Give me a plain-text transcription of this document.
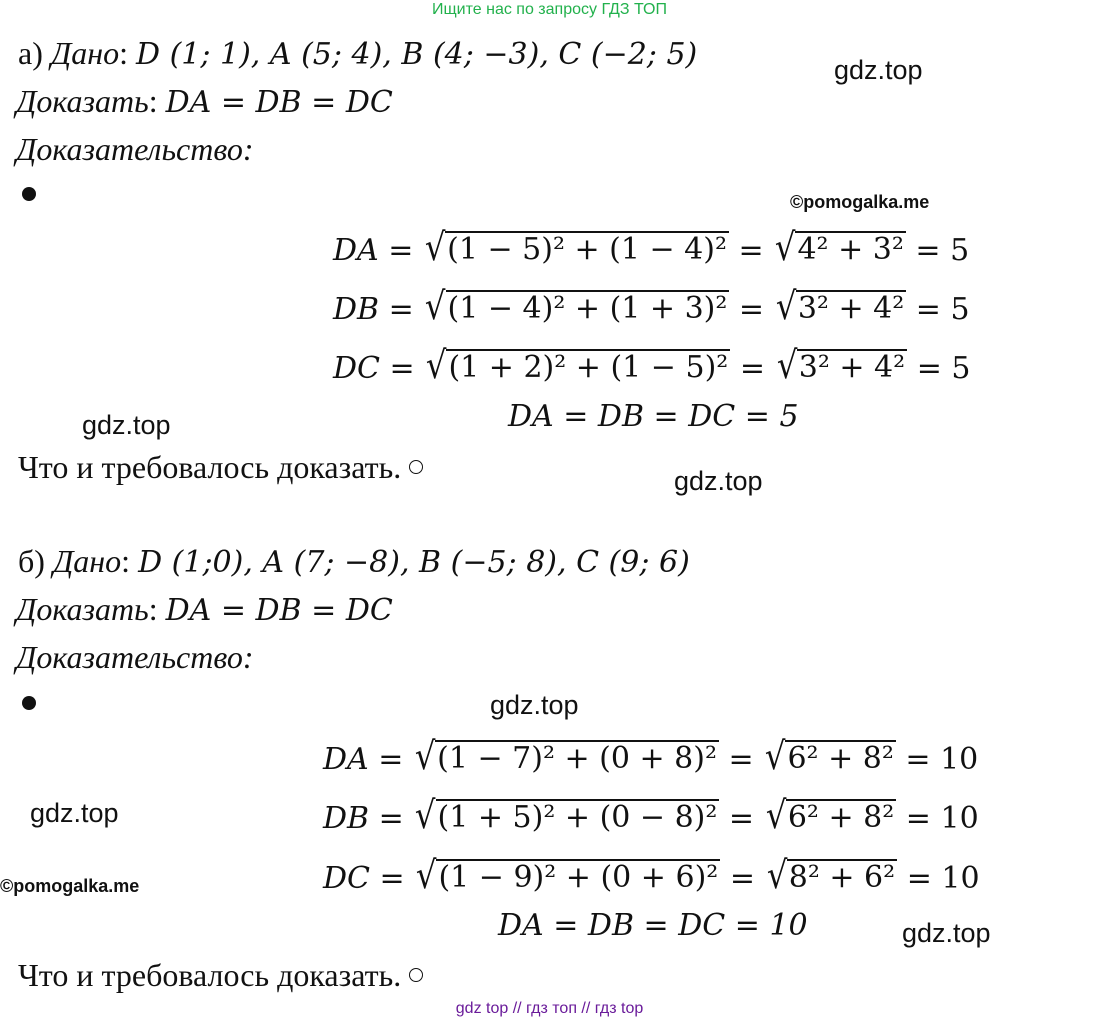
Ищите нас по запросу ГДЗ ТОП
а) Дано: D (1; 1), A (5; 4), B (4; −3), C (−2; 5)	gdz.top
Доказать: DA = DB = DC
Доказательство:
©pomogalka.me
DA = √ (1 − 5)² + (1 − 4)² = √ 4² + 3² = 5
DB = √ (1 − 4)² + (1 + 3)² = √ 3² + 4² = 5
DC = √ (1 + 2)² + (1 − 5)² = √ 3² + 4² = 5
DA = DB = DC = 5
gdz.top
Что и требовалось доказать.	gdz.top
б) Дано: D (1;0), A (7; −8), B (−5; 8), C (9; 6)
Доказать: DA = DB = DC
Доказательство:
gdz.top
DA = √ (1 − 7)² + (0 + 8)² = √ 6² + 8² = 10
gdz.top	DB = √ (1 + 5)² + (0 − 8)² = √ 6² + 8² = 10
©pomogalka.me	DC = √ (1 − 9)² + (0 + 6)² = √ 8² + 6² = 10
DA = DB = DC = 10	gdz.top
Что и требовалось доказать.
gdz top // гдз топ // гдз top
